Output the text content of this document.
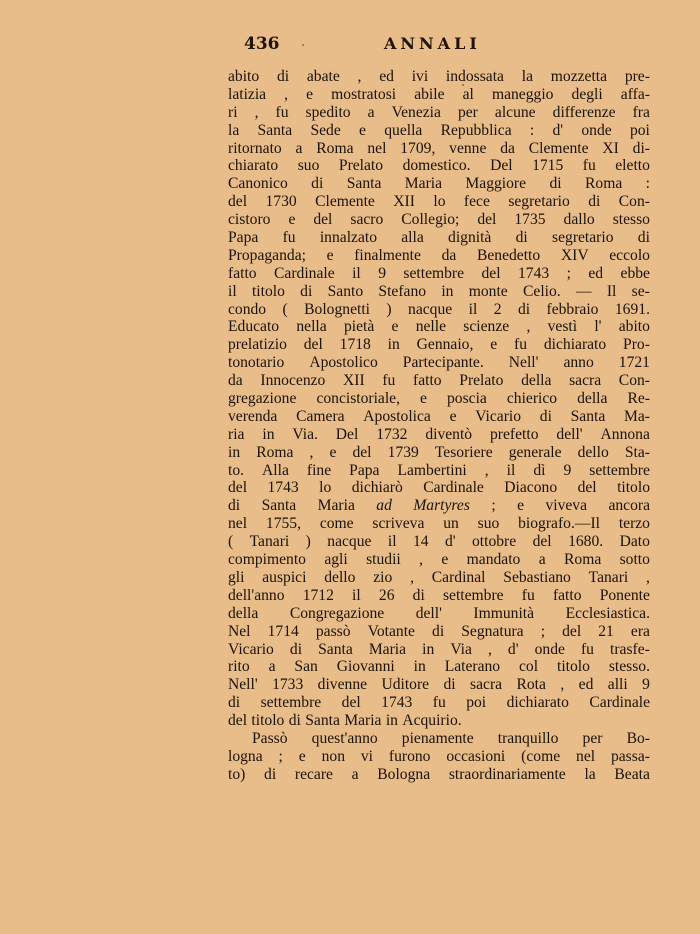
436	ANNALI
abito di abate , ed ivi indossata la mozzetta pre-
latizia , e mostratosi abile al maneggio degli affa-
ri , fu spedito a Venezia per alcune differenze fra
la Santa Sede e quella Repubblica : d' onde poi
ritornato a Roma nel 1709, venne da Clemente XI di-
chiarato suo Prelato domestico. Del 1715 fu eletto
Canonico di Santa Maria Maggiore di Roma :
del 1730 Clemente XII lo fece segretario di Con-
cistoro e del sacro Collegio; del 1735 dallo stesso
Papa fu innalzato alla dignità di segretario di
Propaganda; e finalmente da Benedetto XIV eccolo
fatto Cardinale il 9 settembre del 1743 ; ed ebbe
il titolo di Santo Stefano in monte Celio. — Il se-
condo ( Bolognetti ) nacque il 2 di febbraio 1691.
Educato nella pietà e nelle scienze , vestì l' abito
prelatizio del 1718 in Gennaio, e fu dichiarato Pro-
tonotario Apostolico Partecipante. Nell' anno 1721
da Innocenzo XII fu fatto Prelato della sacra Con-
gregazione concistoriale, e poscia chierico della Re-
verenda Camera Apostolica e Vicario di Santa Ma-
ria in Via. Del 1732 diventò prefetto dell' Annona
in Roma , e del 1739 Tesoriere generale dello Sta-
to. Alla fine Papa Lambertini , il dì 9 settembre
del 1743 lo dichiarò Cardinale Diacono del titolo
di Santa Maria ad Martyres ; e viveva ancora
nel 1755, come scriveva un suo biografo.—Il terzo
( Tanari ) nacque il 14 d' ottobre del 1680. Dato
compimento agli studii , e mandato a Roma sotto
gli auspici dello zio , Cardinal Sebastiano Tanari ,
dell'anno 1712 il 26 di settembre fu fatto Ponente
della Congregazione dell' Immunità Ecclesiastica.
Nel 1714 passò Votante di Segnatura ; del 21 era
Vicario di Santa Maria in Via , d' onde fu trasfe-
rito a San Giovanni in Laterano col titolo stesso.
Nell' 1733 divenne Uditore di sacra Rota , ed alli 9
di settembre del 1743 fu poi dichiarato Cardinale
del titolo di Santa Maria in Acquirio.
Passò quest'anno pienamente tranquillo per Bo-
logna ; e non vi furono occasioni (come nel passa-
to) di recare a Bologna straordinariamente la Beata
